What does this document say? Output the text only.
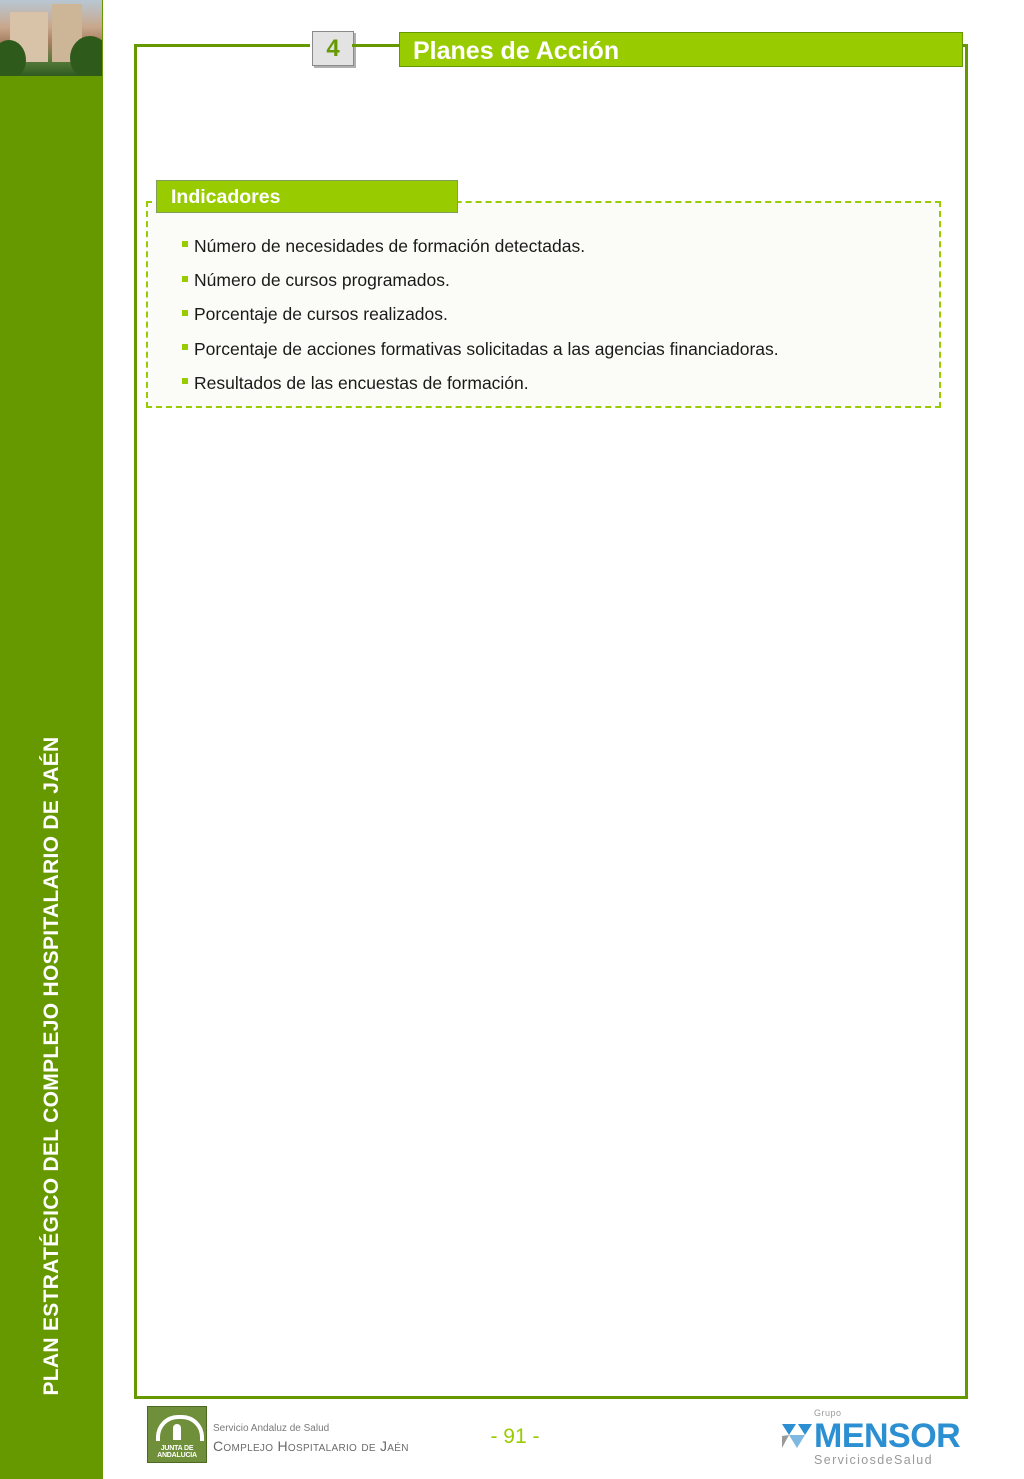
PLAN ESTRATÉGICO DEL COMPLEJO HOSPITALARIO DE JAÉN
4	Planes de Acción
Indicadores
Número de necesidades de formación detectadas.
Número de cursos programados.
Porcentaje de cursos realizados.
Porcentaje de acciones formativas solicitadas a las agencias financiadoras.
Resultados de las encuestas de formación.
JUNTA DE ANDALUCIA
Servicio Andaluz de Salud
Complejo Hospitalario de Jaén	- 91 -
Grupo
MENSOR
ServiciosdeSalud
